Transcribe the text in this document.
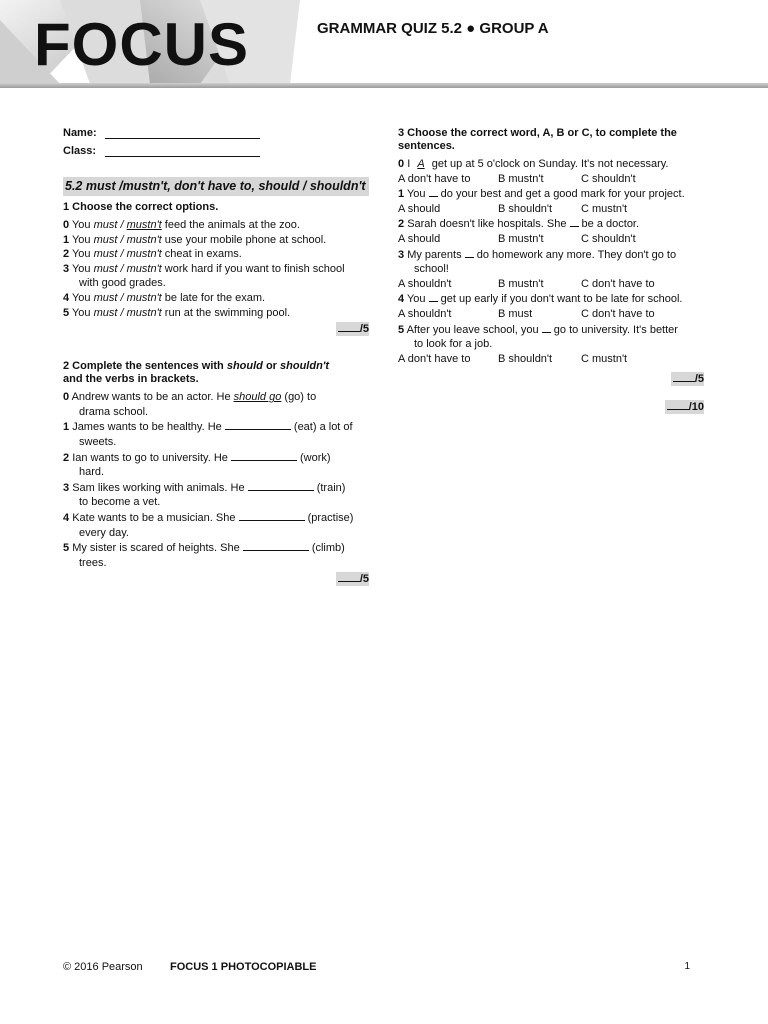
FOCUS	GRAMMAR QUIZ 5.2 ● GROUP A
Name:
Class:
5.2 must /mustn't, don't have to, should / shouldn't
1 Choose the correct options.
0 You must / mustn't feed the animals at the zoo.
1 You must / mustn't use your mobile phone at school.
2 You must / mustn't cheat in exams.
3 You must / mustn't work hard if you want to finish school
with good grades.
4 You must / mustn't be late for the exam.
5 You must / mustn't run at the swimming pool.
/5
2 Complete the sentences with should or shouldn't
and the verbs in brackets.
0 Andrew wants to be an actor. He should go (go) to
drama school.
1 James wants to be healthy. He	(eat) a lot of
sweets.
2 Ian wants to go to university. He	(work)
hard.
3 Sam likes working with animals. He	(train)
to become a vet.
4 Kate wants to be a musician. She	(practise)
every day.
5 My sister is scared of heights. She	(climb)
trees.
/5
3 Choose the correct word, A, B or C, to complete the sentences.
0 I A get up at 5 o'clock on Sunday. It's not necessary.
A don't have to	B mustn't	C shouldn't
1 You  do your best and get a good mark for your project.
A should	B shouldn't	C mustn't
2 Sarah doesn't like hospitals. She  be a doctor.
A should	B mustn't	C shouldn't
3 My parents  do homework any more. They don't go to
school!
A shouldn't	B mustn't	C don't have to
4 You  get up early if you don't want to be late for school.
A shouldn't	B must	C don't have to
5 After you leave school, you  go to university. It's better
to look for a job.
A don't have to	B shouldn't	C mustn't
/5
/10
© 2016 Pearson FOCUS 1 PHOTOCOPIABLE	1
